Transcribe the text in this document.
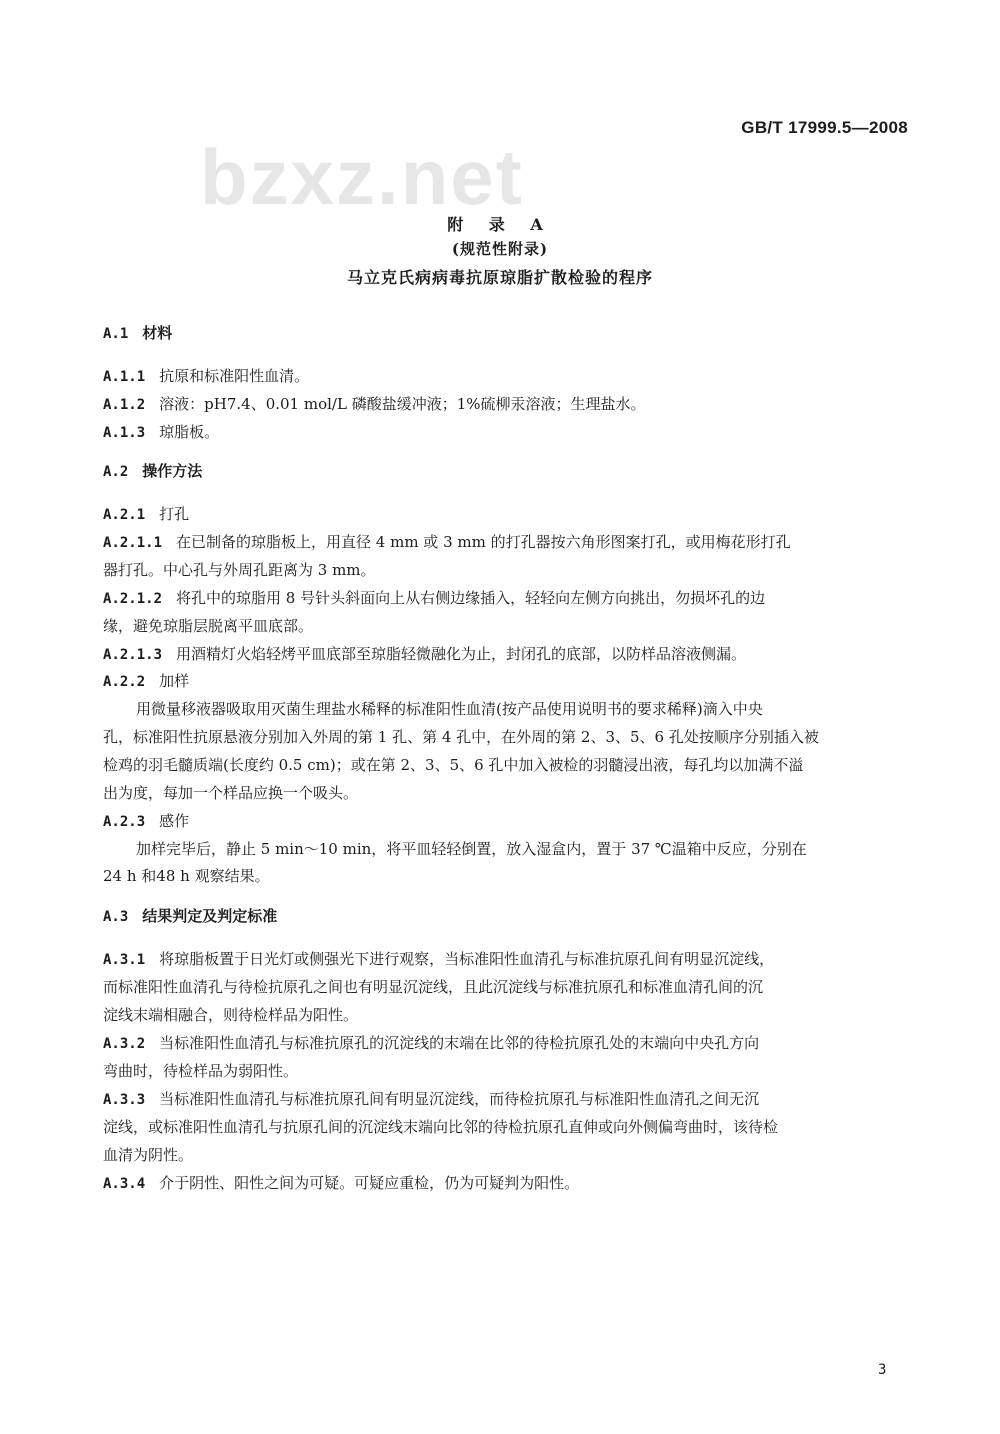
GB/T 17999.5—2008
bzxz.net
附 录 A
(规范性附录)
马立克氏病病毒抗原琼脂扩散检验的程序
A.1 材料
A.1.1 抗原和标准阳性血清。
A.1.2 溶液：pH7.4、0.01 mol/L 磷酸盐缓冲液；1%硫柳汞溶液；生理盐水。
A.1.3 琼脂板。
A.2 操作方法
A.2.1 打孔
A.2.1.1 在已制备的琼脂板上，用直径 4 mm 或 3 mm 的打孔器按六角形图案打孔，或用梅花形打孔
器打孔。中心孔与外周孔距离为 3 mm。
A.2.1.2 将孔中的琼脂用 8 号针头斜面向上从右侧边缘插入，轻轻向左侧方向挑出，勿损坏孔的边
缘，避免琼脂层脱离平皿底部。
A.2.1.3 用酒精灯火焰轻烤平皿底部至琼脂轻微融化为止，封闭孔的底部，以防样品溶液侧漏。
A.2.2 加样
用微量移液器吸取用灭菌生理盐水稀释的标准阳性血清(按产品使用说明书的要求稀释)滴入中央
孔，标准阳性抗原悬液分别加入外周的第 1 孔、第 4 孔中，在外周的第 2、3、5、6 孔处按顺序分别插入被
检鸡的羽毛髓质端(长度约 0.5 cm)；或在第 2、3、5、6 孔中加入被检的羽髓浸出液，每孔均以加满不溢
出为度，每加一个样品应换一个吸头。
A.2.3 感作
加样完毕后，静止 5 min～10 min，将平皿轻轻倒置，放入湿盒内，置于 37 ℃温箱中反应，分别在
24 h 和48 h 观察结果。
A.3 结果判定及判定标准
A.3.1 将琼脂板置于日光灯或侧强光下进行观察，当标准阳性血清孔与标准抗原孔间有明显沉淀线，
而标准阳性血清孔与待检抗原孔之间也有明显沉淀线，且此沉淀线与标准抗原孔和标准血清孔间的沉
淀线末端相融合，则待检样品为阳性。
A.3.2 当标准阳性血清孔与标准抗原孔的沉淀线的末端在比邻的待检抗原孔处的末端向中央孔方向
弯曲时，待检样品为弱阳性。
A.3.3 当标准阳性血清孔与标准抗原孔间有明显沉淀线，而待检抗原孔与标准阳性血清孔之间无沉
淀线，或标准阳性血清孔与抗原孔间的沉淀线末端向比邻的待检抗原孔直伸或向外侧偏弯曲时，该待检
血清为阴性。
A.3.4 介于阴性、阳性之间为可疑。可疑应重检，仍为可疑判为阳性。
3
